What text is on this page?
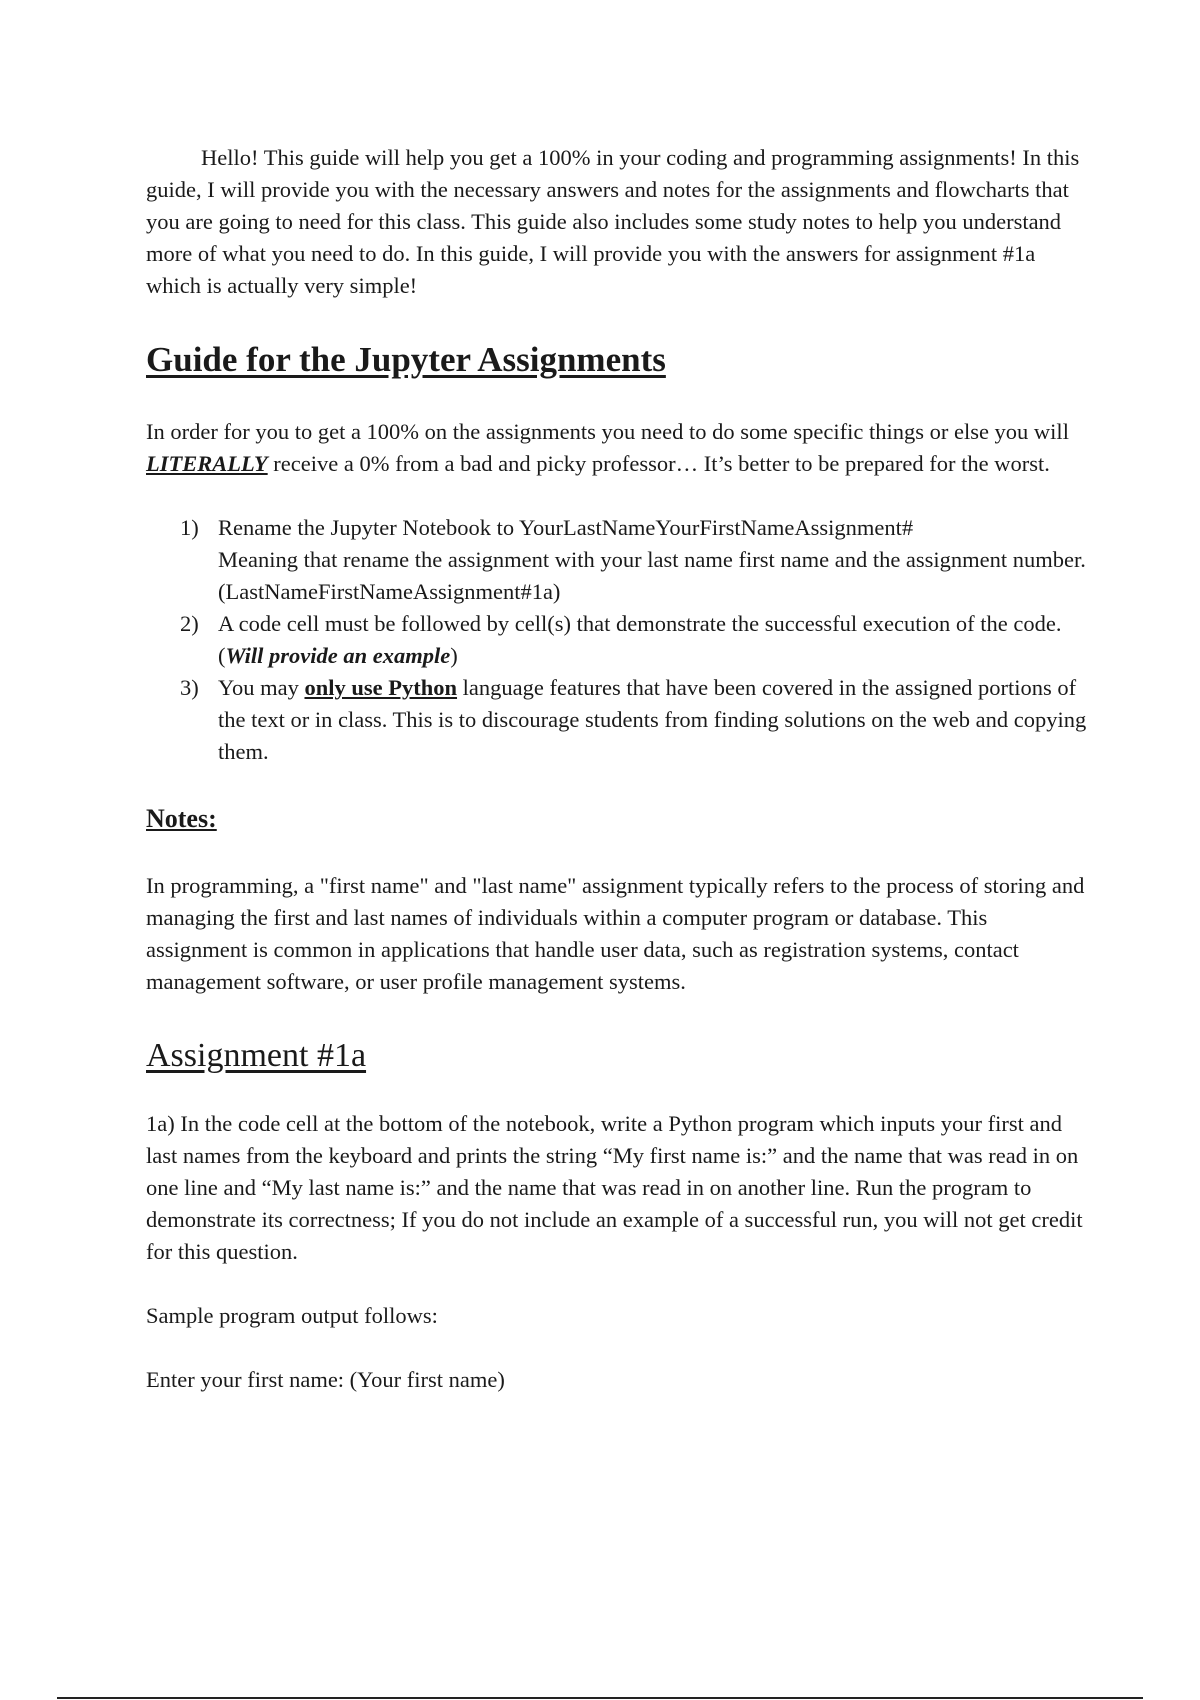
Hello! This guide will help you get a 100% in your coding and programming assignments! In this guide, I will provide you with the necessary answers and notes for the assignments and flowcharts that you are going to need for this class. This guide also includes some study notes to help you understand more of what you need to do. In this guide, I will provide you with the answers for assignment #1a which is actually very simple!

Guide for the Jupyter Assignments

In order for you to get a 100% on the assignments you need to do some specific things or else you will LITERALLY receive a 0% from a bad and picky professor… It’s better to be prepared for the worst.

1) Rename the Jupyter Notebook to YourLastNameYourFirstNameAssignment#
Meaning that rename the assignment with your last name first name and the assignment number. (LastNameFirstNameAssignment#1a)
2) A code cell must be followed by cell(s) that demonstrate the successful execution of the code. (Will provide an example)
3) You may only use Python language features that have been covered in the assigned portions of the text or in class. This is to discourage students from finding solutions on the web and copying them.
Notes:

In programming, a "first name" and "last name" assignment typically refers to the process of storing and managing the first and last names of individuals within a computer program or database. This assignment is common in applications that handle user data, such as registration systems, contact management software, or user profile management systems.

Assignment #1a

1a) In the code cell at the bottom of the notebook, write a Python program which inputs your first and last names from the keyboard and prints the string “My first name is:” and the name that was read in on one line and “My last name is:” and the name that was read in on another line. Run the program to demonstrate its correctness; If you do not include an example of a successful run, you will not get credit for this question.

Sample program output follows:

Enter your first name: (Your first name)
